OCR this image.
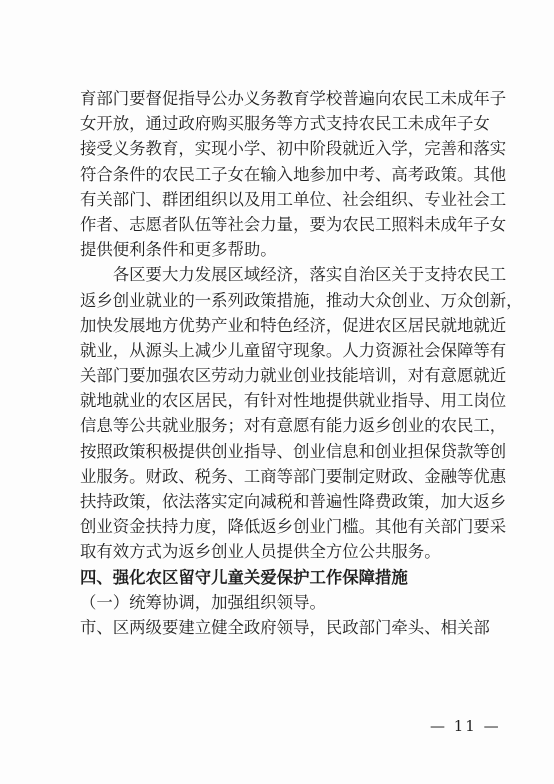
育部门要督促指导公办义务教育学校普遍向农民工未成年子
女开放，通过政府购买服务等方式支持农民工未成年子女
接受义务教育，实现小学、初中阶段就近入学，完善和落实
符合条件的农民工子女在输入地参加中考、高考政策。其他
有关部门、群团组织以及用工单位、社会组织、专业社会工
作者、志愿者队伍等社会力量，要为农民工照料未成年子女
提供便利条件和更多帮助。
　　各区要大力发展区域经济，落实自治区关于支持农民工
返乡创业就业的一系列政策措施，推动大众创业、万众创新，
加快发展地方优势产业和特色经济，促进农区居民就地就近
就业，从源头上减少儿童留守现象。人力资源社会保障等有
关部门要加强农区劳动力就业创业技能培训，对有意愿就近
就地就业的农区居民，有针对性地提供就业指导、用工岗位
信息等公共就业服务；对有意愿有能力返乡创业的农民工，
按照政策积极提供创业指导、创业信息和创业担保贷款等创
业服务。财政、税务、工商等部门要制定财政、金融等优惠
扶持政策，依法落实定向减税和普遍性降费政策，加大返乡
创业资金扶持力度，降低返乡创业门槛。其他有关部门要采
取有效方式为返乡创业人员提供全方位公共服务。
四、强化农区留守儿童关爱保护工作保障措施
（一）统筹协调，加强组织领导。
市、区两级要建立健全政府领导，民政部门牵头、相关部
— 11 —
